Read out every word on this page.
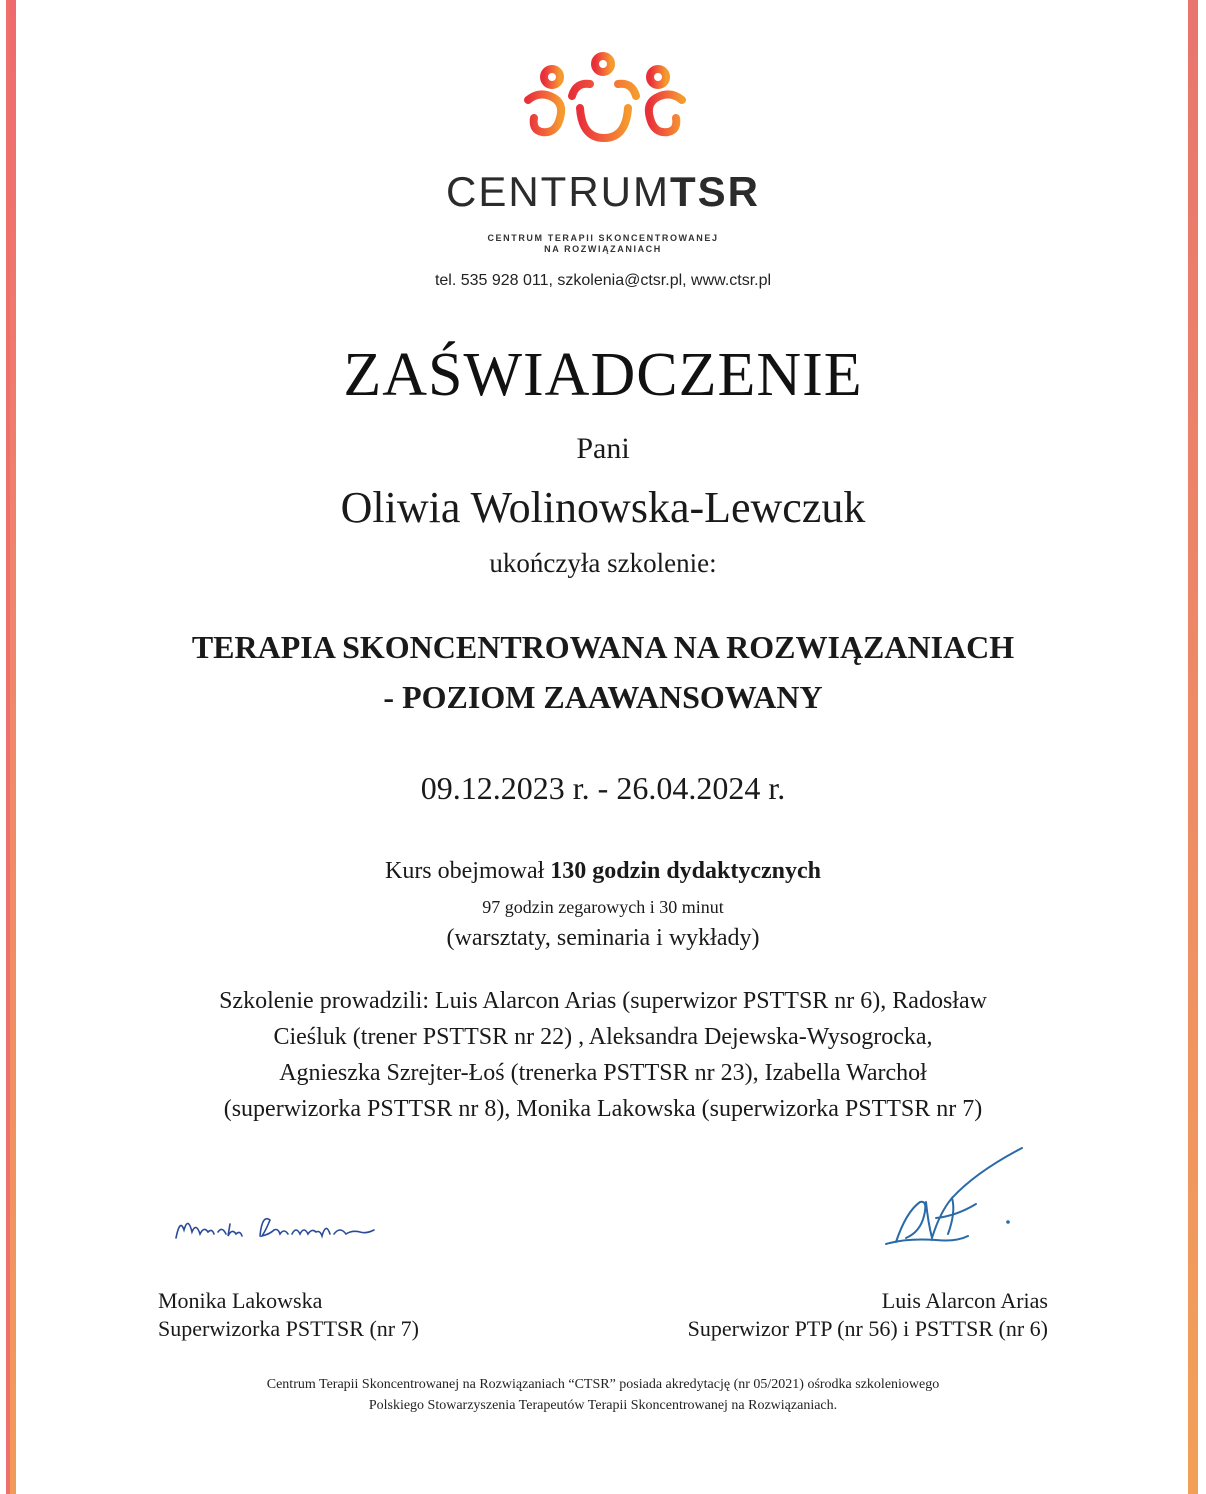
CENTRUMTSR
CENTRUM TERAPII SKONCENTROWANEJ
NA ROZWIĄZANIACH
tel. 535 928 011, szkolenia@ctsr.pl, www.ctsr.pl
ZAŚWIADCZENIE
Pani
Oliwia Wolinowska-Lewczuk
ukończyła szkolenie:
TERAPIA SKONCENTROWANA NA ROZWIĄZANIACH
- POZIOM ZAAWANSOWANY
09.12.2023 r. - 26.04.2024 r.
Kurs obejmował 130 godzin dydaktycznych
97 godzin zegarowych i 30 minut
(warsztaty, seminaria i wykłady)
Szkolenie prowadzili: Luis Alarcon Arias (superwizor PSTTSR nr 6), Radosław
Cieśluk (trener PSTTSR nr 22) , Aleksandra Dejewska-Wysogrocka,
Agnieszka Szrejter-Łoś (trenerka PSTTSR nr 23), Izabella Warchoł
(superwizorka PSTTSR nr 8), Monika Lakowska (superwizorka PSTTSR nr 7)
Monika Lakowska
Superwizorka PSTTSR (nr 7)
Luis Alarcon Arias
Superwizor PTP (nr 56) i PSTTSR (nr 6)
Centrum Terapii Skoncentrowanej na Rozwiązaniach “CTSR” posiada akredytację (nr 05/2021) ośrodka szkoleniowego
Polskiego Stowarzyszenia Terapeutów Terapii Skoncentrowanej na Rozwiązaniach.
